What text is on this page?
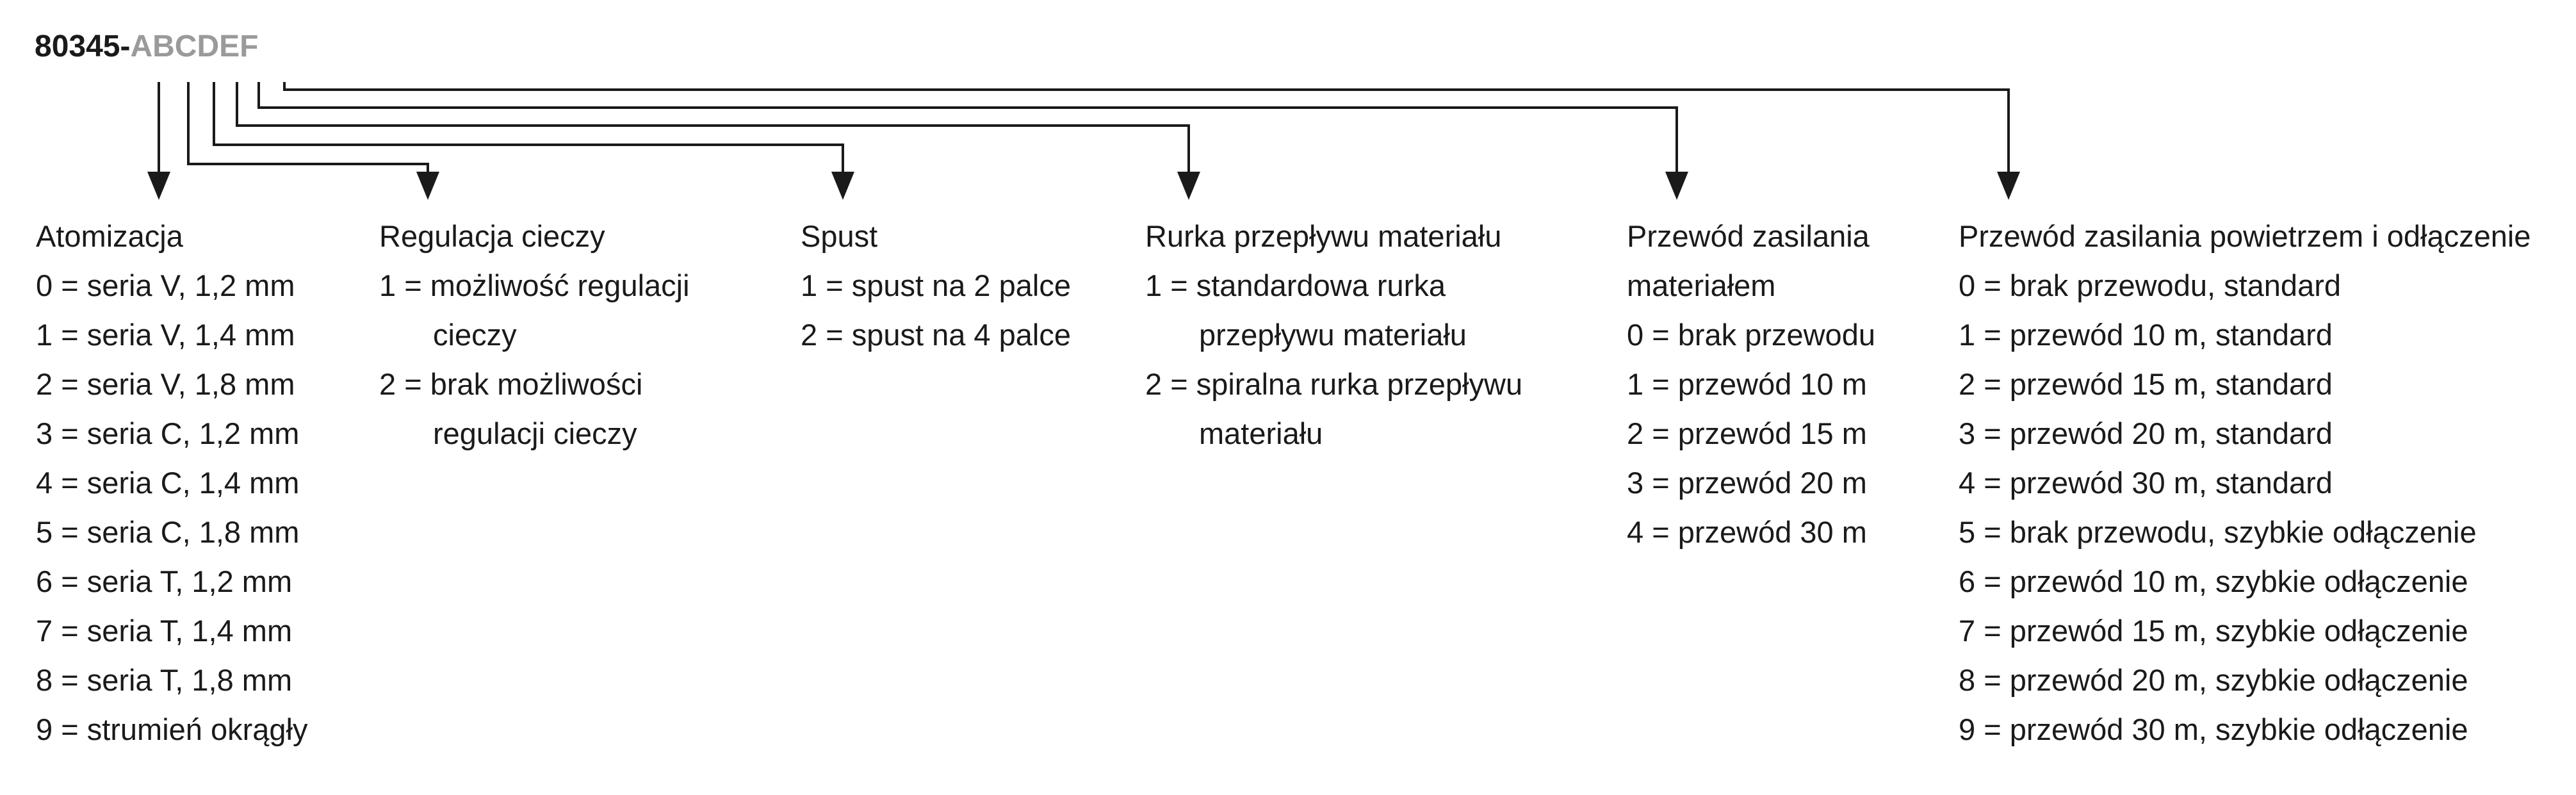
80345-ABCDEF
Atomizacja
0 = seria V, 1,2 mm
1 = seria V, 1,4 mm
2 = seria V, 1,8 mm
3 = seria C, 1,2 mm
4 = seria C, 1,4 mm
5 = seria C, 1,8 mm
6 = seria T, 1,2 mm
7 = seria T, 1,4 mm
8 = seria T, 1,8 mm
9 = strumień okrągły
Regulacja cieczy
1 = możliwość regulacji
cieczy
2 = brak możliwości
regulacji cieczy
Spust
1 = spust na 2 palce
2 = spust na 4 palce
Rurka przepływu materiału
1 = standardowa rurka
przepływu materiału
2 = spiralna rurka przepływu
materiału
Przewód zasilania
materiałem
0 = brak przewodu
1 = przewód 10 m
2 = przewód 15 m
3 = przewód 20 m
4 = przewód 30 m
Przewód zasilania powietrzem i odłączenie
0 = brak przewodu, standard
1 = przewód 10 m, standard
2 = przewód 15 m, standard
3 = przewód 20 m, standard
4 = przewód 30 m, standard
5 = brak przewodu, szybkie odłączenie
6 = przewód 10 m, szybkie odłączenie
7 = przewód 15 m, szybkie odłączenie
8 = przewód 20 m, szybkie odłączenie
9 = przewód 30 m, szybkie odłączenie
